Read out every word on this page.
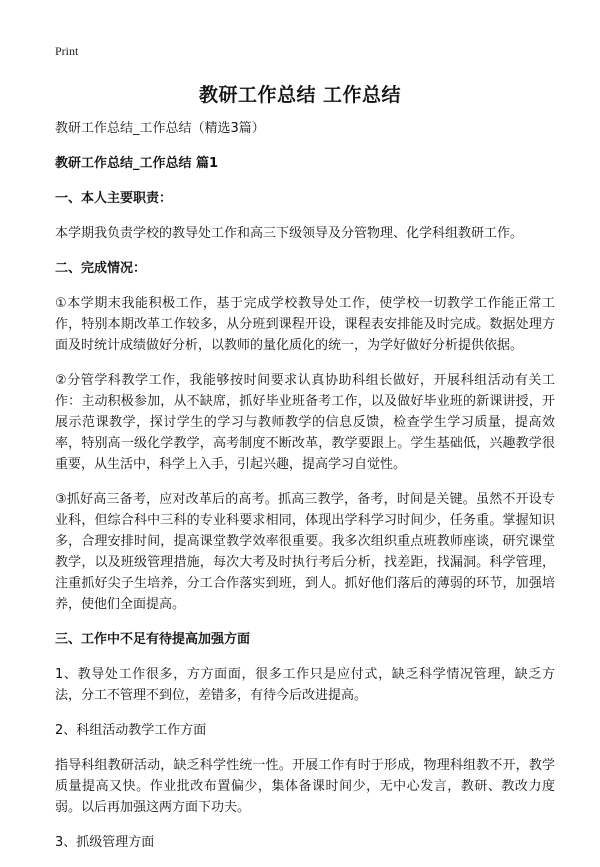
Print
教研工作总结 工作总结

教研工作总结_工作总结（精选3篇）

教研工作总结_工作总结 篇1
一、本人主要职责：

本学期我负责学校的教导处工作和高三下级领导及分管物理、化学科组教研工作。

二、完成情况：

①本学期末我能积极工作，基于完成学校教导处工作，使学校一切教学工作能正常工作，特别本期改革工作较多，从分班到课程开设，课程表安排能及时完成。数据处理方面及时统计成绩做好分析，以教师的量化质化的统一，为学好做好分析提供依据。

②分管学科教学工作，我能够按时间要求认真协助科组长做好，开展科组活动有关工作：主动积极参加，从不缺席，抓好毕业班备考工作，以及做好毕业班的新课讲授，开展示范课教学，探讨学生的学习与教师教学的信息反馈，检查学生学习质量，提高效率，特别高一级化学教学，高考制度不断改革，教学要跟上。学生基础低，兴趣教学很重要，从生活中，科学上入手，引起兴趣，提高学习自觉性。

③抓好高三备考，应对改革后的高考。抓高三教学，备考，时间是关键。虽然不开设专业科，但综合科中三科的专业科要求相同，体现出学科学习时间少，任务重。掌握知识多，合理安排时间，提高课堂教学效率很重要。我多次组织重点班教师座谈，研究课堂教学，以及班级管理措施，每次大考及时执行考后分析，找差距，找漏洞。科学管理，注重抓好尖子生培养，分工合作落实到班，到人。抓好他们落后的薄弱的环节，加强培养，使他们全面提高。

三、工作中不足有待提高加强方面

1、教导处工作很多，方方面面，很多工作只是应付式，缺乏科学情况管理，缺乏方法，分工不管理不到位，差错多，有待今后改进提高。

2、科组活动教学工作方面

指导科组教研活动，缺乏科学性统一性。开展工作有时于形成，物理科组教不开，教学质量提高又快。作业批改布置偏少，集体备课时间少，无中心发言，教研、教改力度弱。以后再加强这两方面下功夫。

3、抓级管理方面
